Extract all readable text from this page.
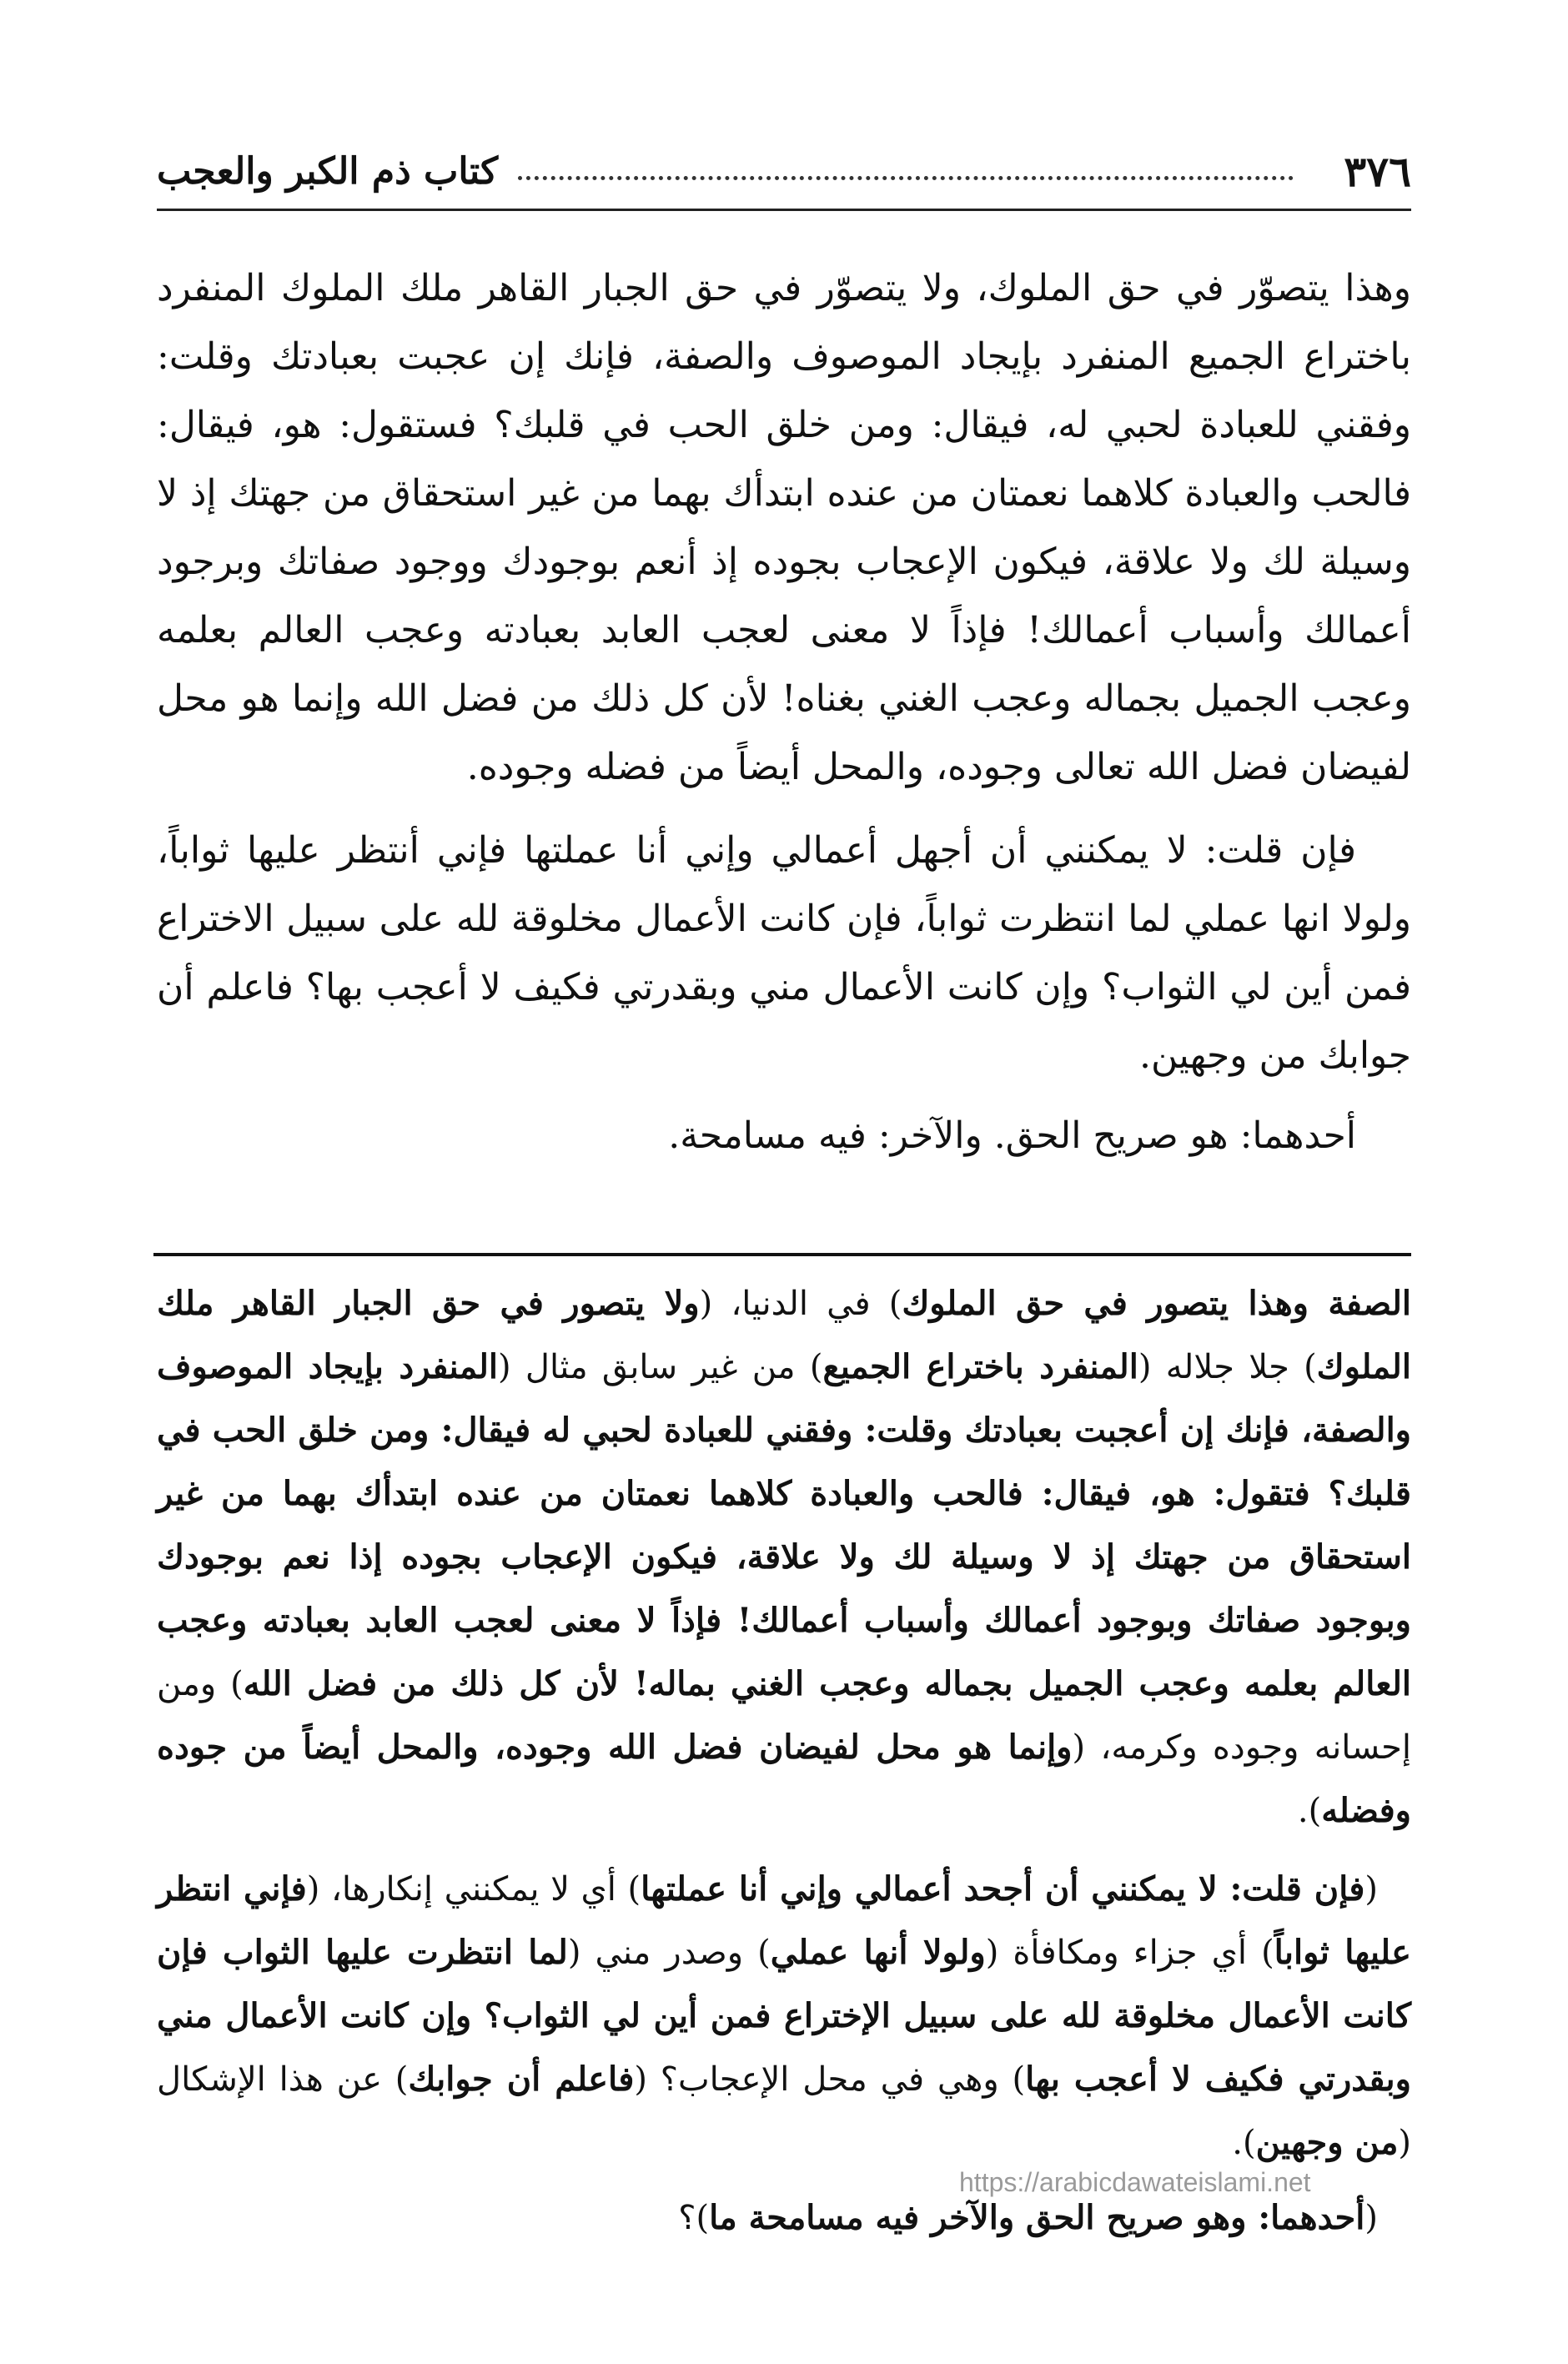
٣٧٦
كتاب ذم الكبر والعجب

وهذا يتصوّر في حق الملوك، ولا يتصوّر في حق الجبار القاهر ملك الملوك المنفرد باختراع الجميع المنفرد بإيجاد الموصوف والصفة، فإنك إن عجبت بعبادتك وقلت: وفقني للعبادة لحبي له، فيقال: ومن خلق الحب في قلبك؟ فستقول: هو، فيقال: فالحب والعبادة كلاهما نعمتان من عنده ابتدأك بهما من غير استحقاق من جهتك إذ لا وسيلة لك ولا علاقة، فيكون الإعجاب بجوده إذ أنعم بوجودك ووجود صفاتك وبرجود أعمالك وأسباب أعمالك! فإذاً لا معنى لعجب العابد بعبادته وعجب العالم بعلمه وعجب الجميل بجماله وعجب الغني بغناه! لأن كل ذلك من فضل الله وإنما هو محل لفيضان فضل الله تعالى وجوده، والمحل أيضاً من فضله وجوده.

فإن قلت: لا يمكنني أن أجهل أعمالي وإني أنا عملتها فإني أنتظر عليها ثواباً، ولولا انها عملي لما انتظرت ثواباً، فإن كانت الأعمال مخلوقة لله على سبيل الاختراع فمن أين لي الثواب؟ وإن كانت الأعمال مني وبقدرتي فكيف لا أعجب بها؟ فاعلم أن جوابك من وجهين.

أحدهما: هو صريح الحق. والآخر: فيه مسامحة.

الصفة وهذا يتصور في حق الملوك) في الدنيا، (ولا يتصور في حق الجبار القاهر ملك الملوك) جلا جلاله (المنفرد باختراع الجميع) من غير سابق مثال (المنفرد بإيجاد الموصوف والصفة، فإنك إن أعجبت بعبادتك وقلت: وفقني للعبادة لحبي له فيقال: ومن خلق الحب في قلبك؟ فتقول: هو، فيقال: فالحب والعبادة كلاهما نعمتان من عنده ابتدأك بهما من غير استحقاق من جهتك إذ لا وسيلة لك ولا علاقة، فيكون الإعجاب بجوده إذا نعم بوجودك وبوجود صفاتك وبوجود أعمالك وأسباب أعمالك! فإذاً لا معنى لعجب العابد بعبادته وعجب العالم بعلمه وعجب الجميل بجماله وعجب الغني بماله! لأن كل ذلك من فضل الله) ومن إحسانه وجوده وكرمه، (وإنما هو محل لفيضان فضل الله وجوده، والمحل أيضاً من جوده وفضله).

(فإن قلت: لا يمكنني أن أجحد أعمالي وإني أنا عملتها) أي لا يمكنني إنكارها، (فإني انتظر عليها ثواباً) أي جزاء ومكافأة (ولولا أنها عملي) وصدر مني (لما انتظرت عليها الثواب فإن كانت الأعمال مخلوقة لله على سبيل الإختراع فمن أين لي الثواب؟ وإن كانت الأعمال مني وبقدرتي فكيف لا أعجب بها) وهي في محل الإعجاب؟ (فاعلم أن جوابك) عن هذا الإشكال (من وجهين).

(أحدهما: وهو صريح الحق والآخر فيه مسامحة ما)؟

https://arabicdawateislami.net
